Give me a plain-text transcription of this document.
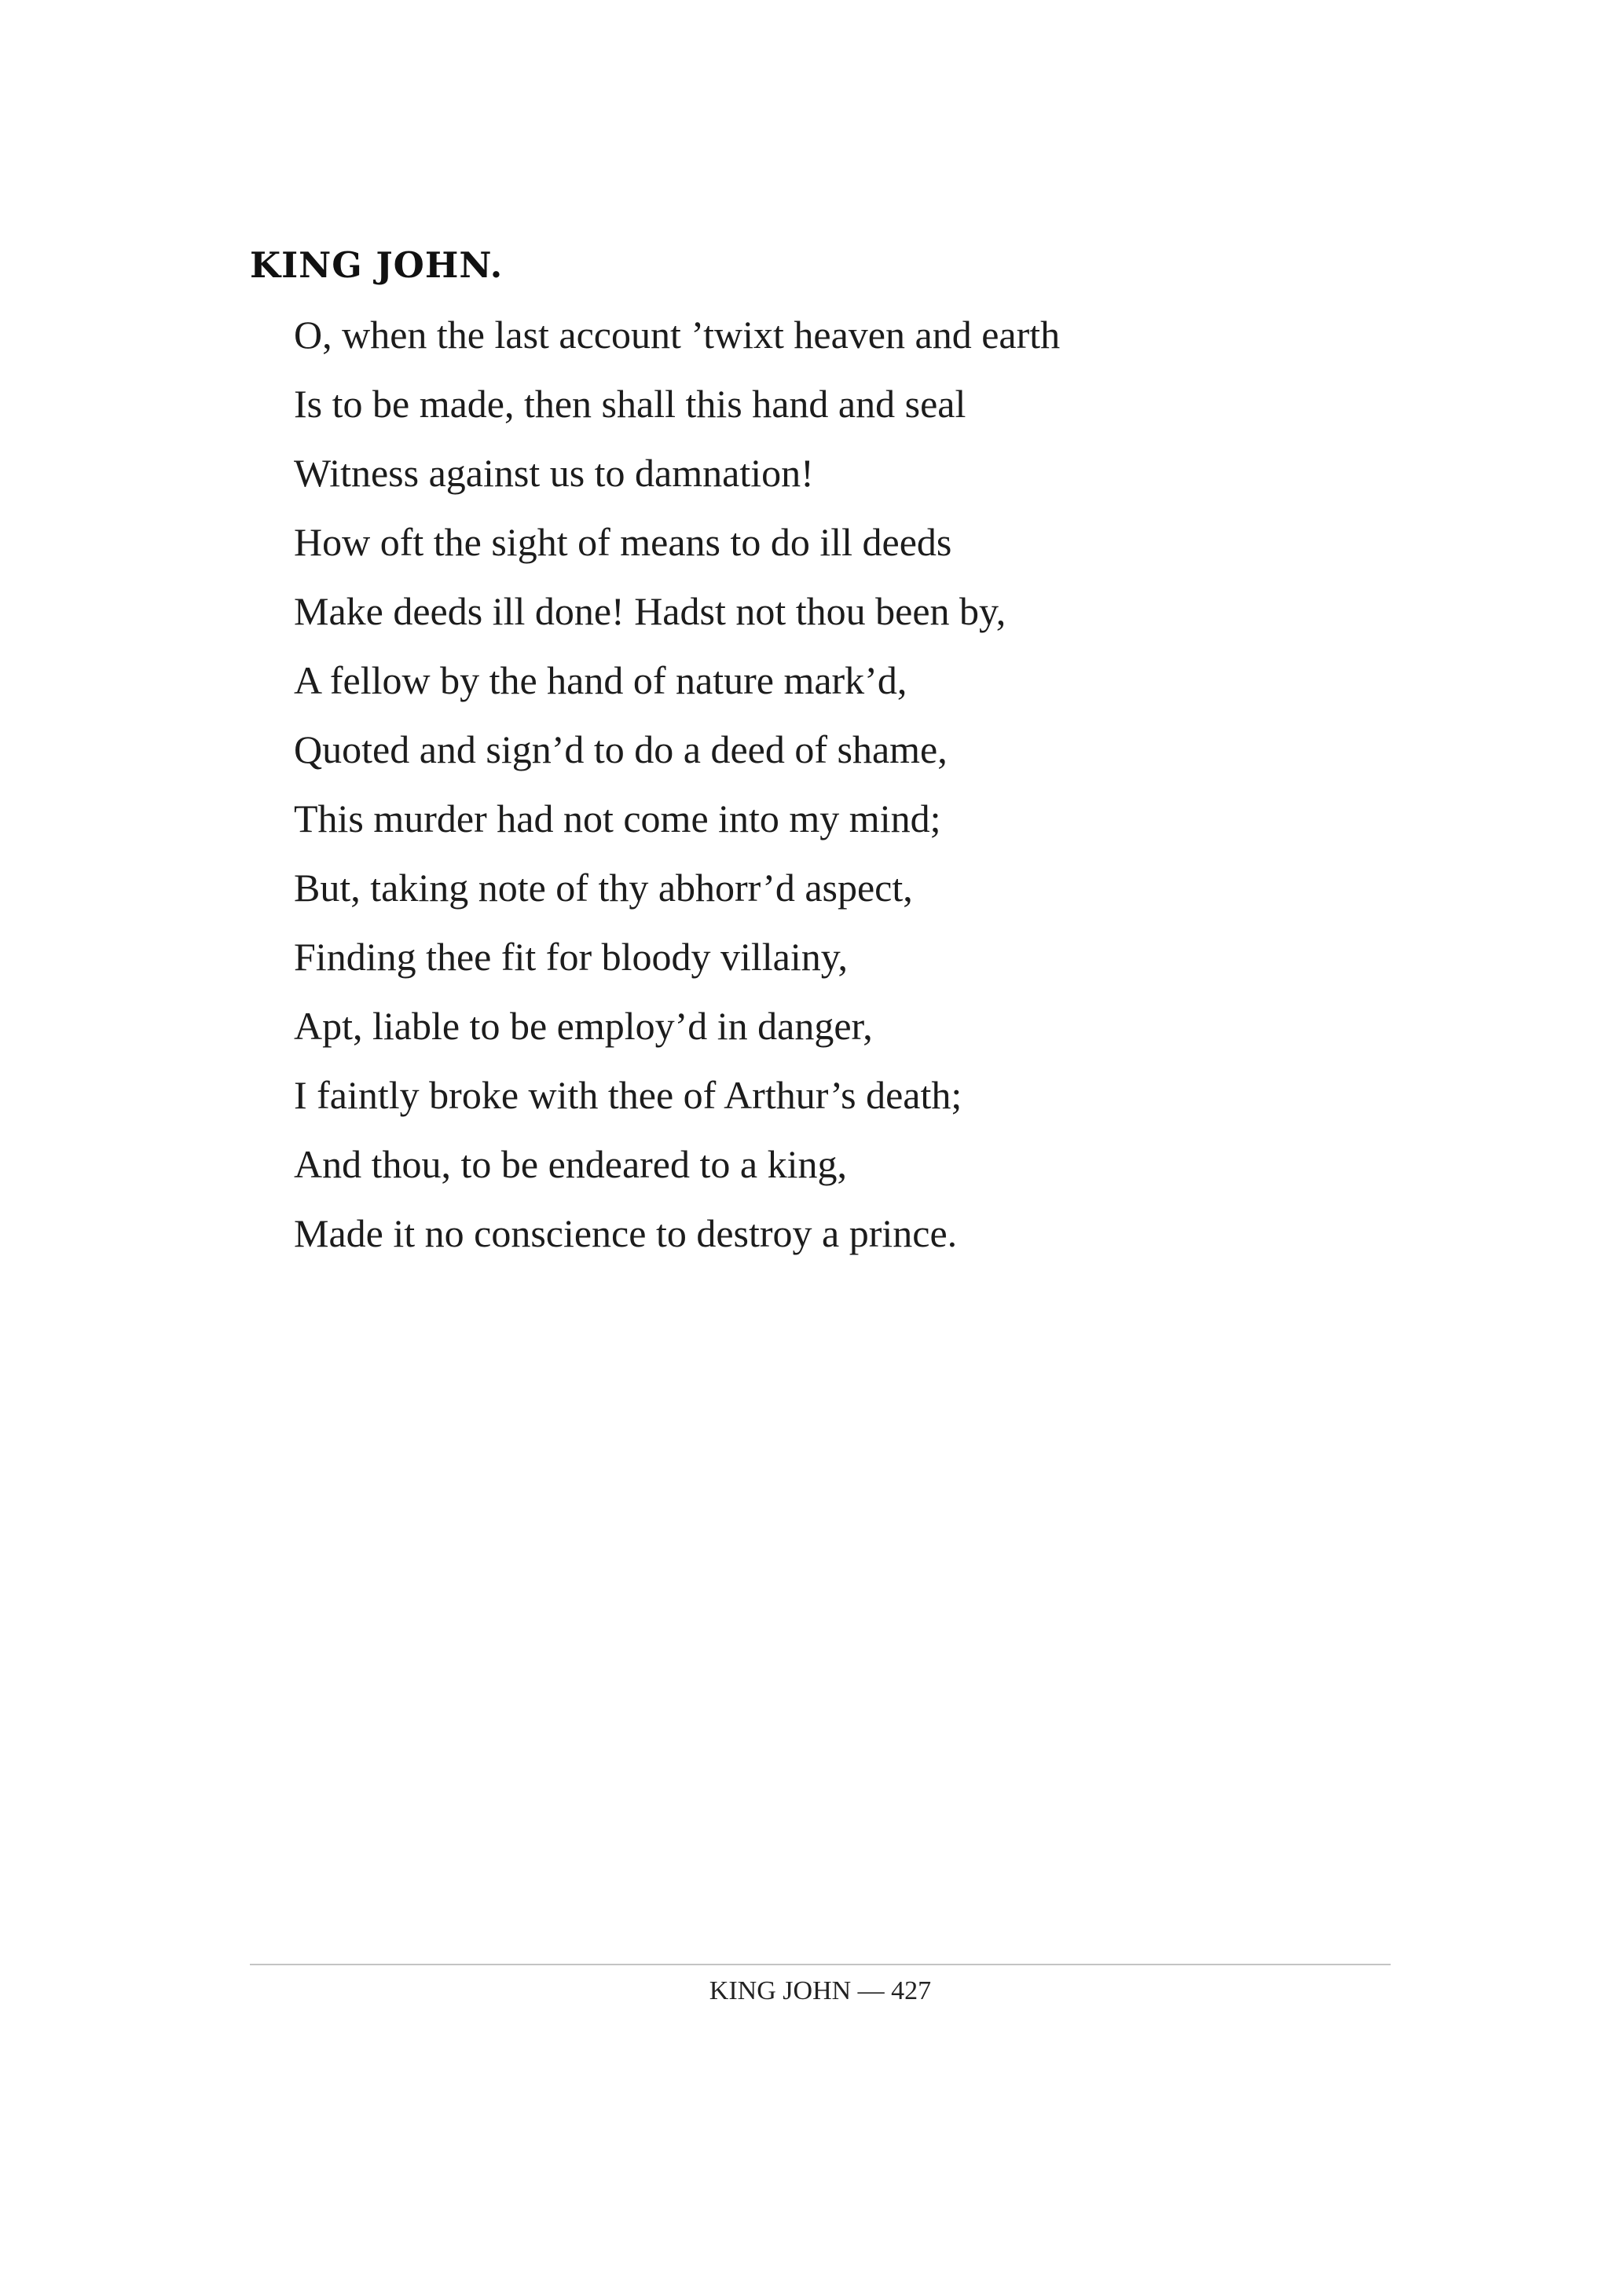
KING JOHN.
O, when the last account ’twixt heaven and earth
Is to be made, then shall this hand and seal
Witness against us to damnation!
How oft the sight of means to do ill deeds
Make deeds ill done! Hadst not thou been by,
A fellow by the hand of nature mark’d,
Quoted and sign’d to do a deed of shame,
This murder had not come into my mind;
But, taking note of thy abhorr’d aspect,
Finding thee fit for bloody villainy,
Apt, liable to be employ’d in danger,
I faintly broke with thee of Arthur’s death;
And thou, to be endeared to a king,
Made it no conscience to destroy a prince.
KING JOHN — 427
